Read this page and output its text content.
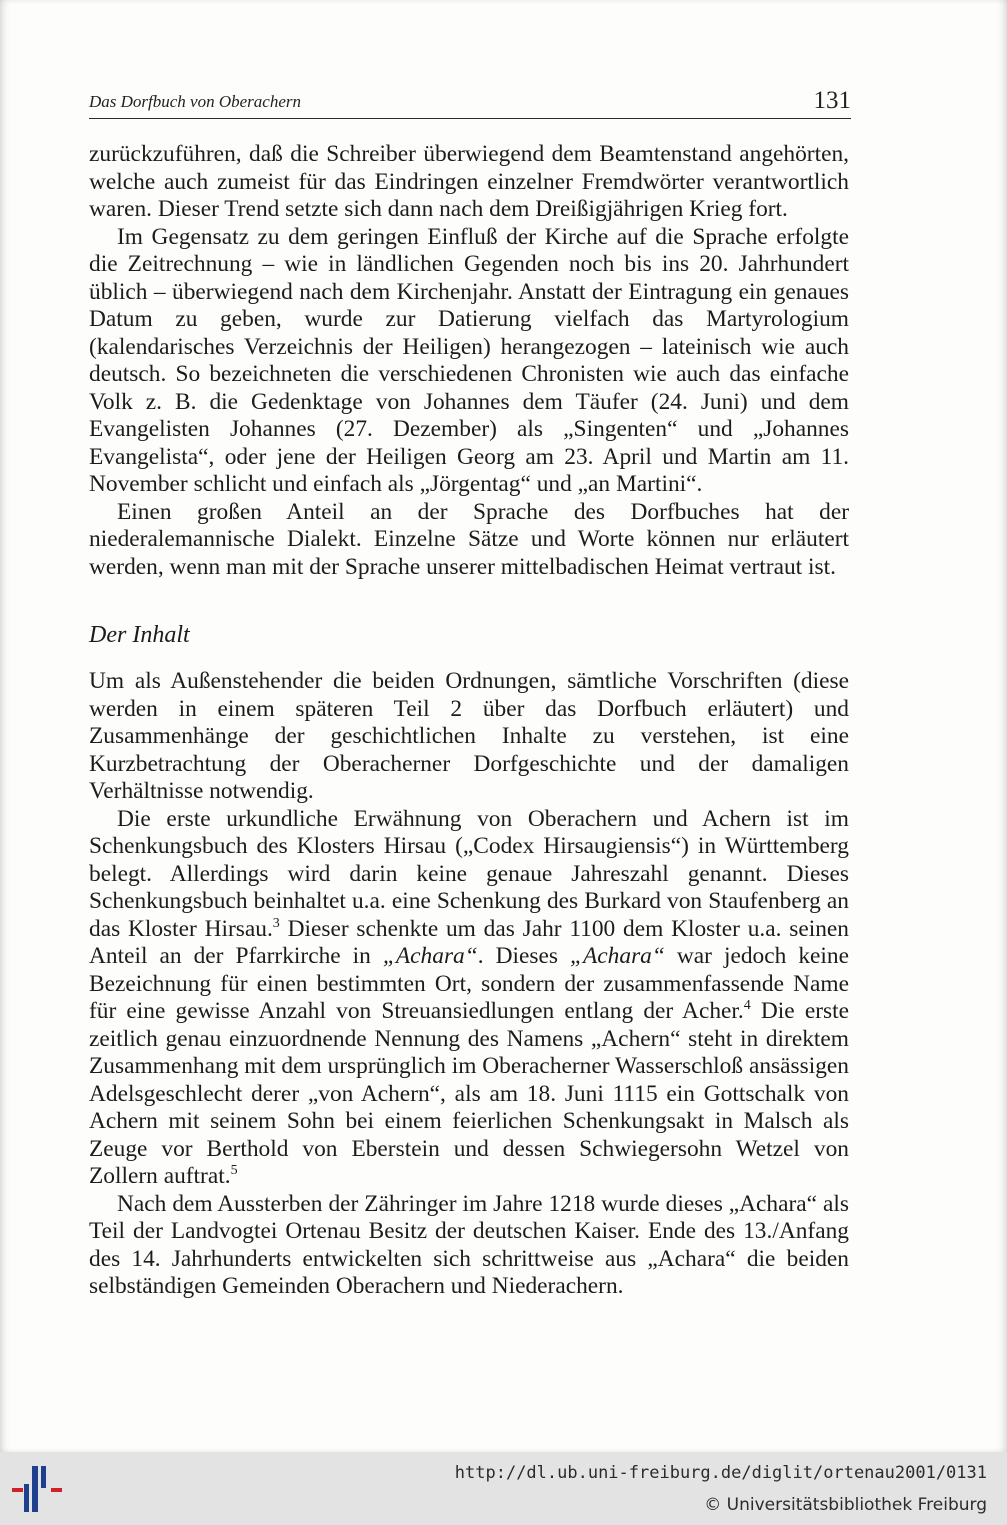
Das Dorfbuch von Oberachern	131

zurückzuführen, daß die Schreiber überwiegend dem Beamtenstand angehörten, welche auch zumeist für das Eindringen einzelner Fremdwörter verantwortlich waren. Dieser Trend setzte sich dann nach dem Dreißigjährigen Krieg fort.

Im Gegensatz zu dem geringen Einfluß der Kirche auf die Sprache erfolgte die Zeitrechnung – wie in ländlichen Gegenden noch bis ins 20. Jahrhundert üblich – überwiegend nach dem Kirchenjahr. Anstatt der Eintragung ein genaues Datum zu geben, wurde zur Datierung vielfach das Martyrologium (kalendarisches Verzeichnis der Heiligen) herangezogen – lateinisch wie auch deutsch. So bezeichneten die verschiedenen Chronisten wie auch das einfache Volk z. B. die Gedenktage von Johannes dem Täufer (24. Juni) und dem Evangelisten Johannes (27. Dezember) als „Singenten“ und „Johannes Evangelista“, oder jene der Heiligen Georg am 23. April und Martin am 11. November schlicht und einfach als „Jörgentag“ und „an Martini“.

Einen großen Anteil an der Sprache des Dorfbuches hat der niederalemannische Dialekt. Einzelne Sätze und Worte können nur erläutert werden, wenn man mit der Sprache unserer mittelbadischen Heimat vertraut ist.

Der Inhalt

Um als Außenstehender die beiden Ordnungen, sämtliche Vorschriften (diese werden in einem späteren Teil 2 über das Dorfbuch erläutert) und Zusammenhänge der geschichtlichen Inhalte zu verstehen, ist eine Kurzbetrachtung der Oberacherner Dorfgeschichte und der damaligen Verhältnisse notwendig.

Die erste urkundliche Erwähnung von Oberachern und Achern ist im Schenkungsbuch des Klosters Hirsau („Codex Hirsaugiensis“) in Württemberg belegt. Allerdings wird darin keine genaue Jahreszahl genannt. Dieses Schenkungsbuch beinhaltet u.a. eine Schenkung des Burkard von Staufenberg an das Kloster Hirsau.$^3$ Dieser schenkte um das Jahr 1100 dem Kloster u.a. seinen Anteil an der Pfarrkirche in „Achara“. Dieses „Achara“ war jedoch keine Bezeichnung für einen bestimmten Ort, sondern der zusammenfassende Name für eine gewisse Anzahl von Streuansiedlungen entlang der Acher.$^4$ Die erste zeitlich genau einzuordnende Nennung des Namens „Achern“ steht in direktem Zusammenhang mit dem ursprünglich im Oberacherner Wasserschloß ansässigen Adelsgeschlecht derer „von Achern“, als am 18. Juni 1115 ein Gottschalk von Achern mit seinem Sohn bei einem feierlichen Schenkungsakt in Malsch als Zeuge vor Berthold von Eberstein und dessen Schwiegersohn Wetzel von Zollern auftrat.$^5$

Nach dem Aussterben der Zähringer im Jahre 1218 wurde dieses „Achara“ als Teil der Landvogtei Ortenau Besitz der deutschen Kaiser. Ende des 13./Anfang des 14. Jahrhunderts entwickelten sich schrittweise aus „Achara“ die beiden selbständigen Gemeinden Oberachern und Niederachern.

http://dl.ub.uni-freiburg.de/diglit/ortenau2001/0131
© Universitätsbibliothek Freiburg
